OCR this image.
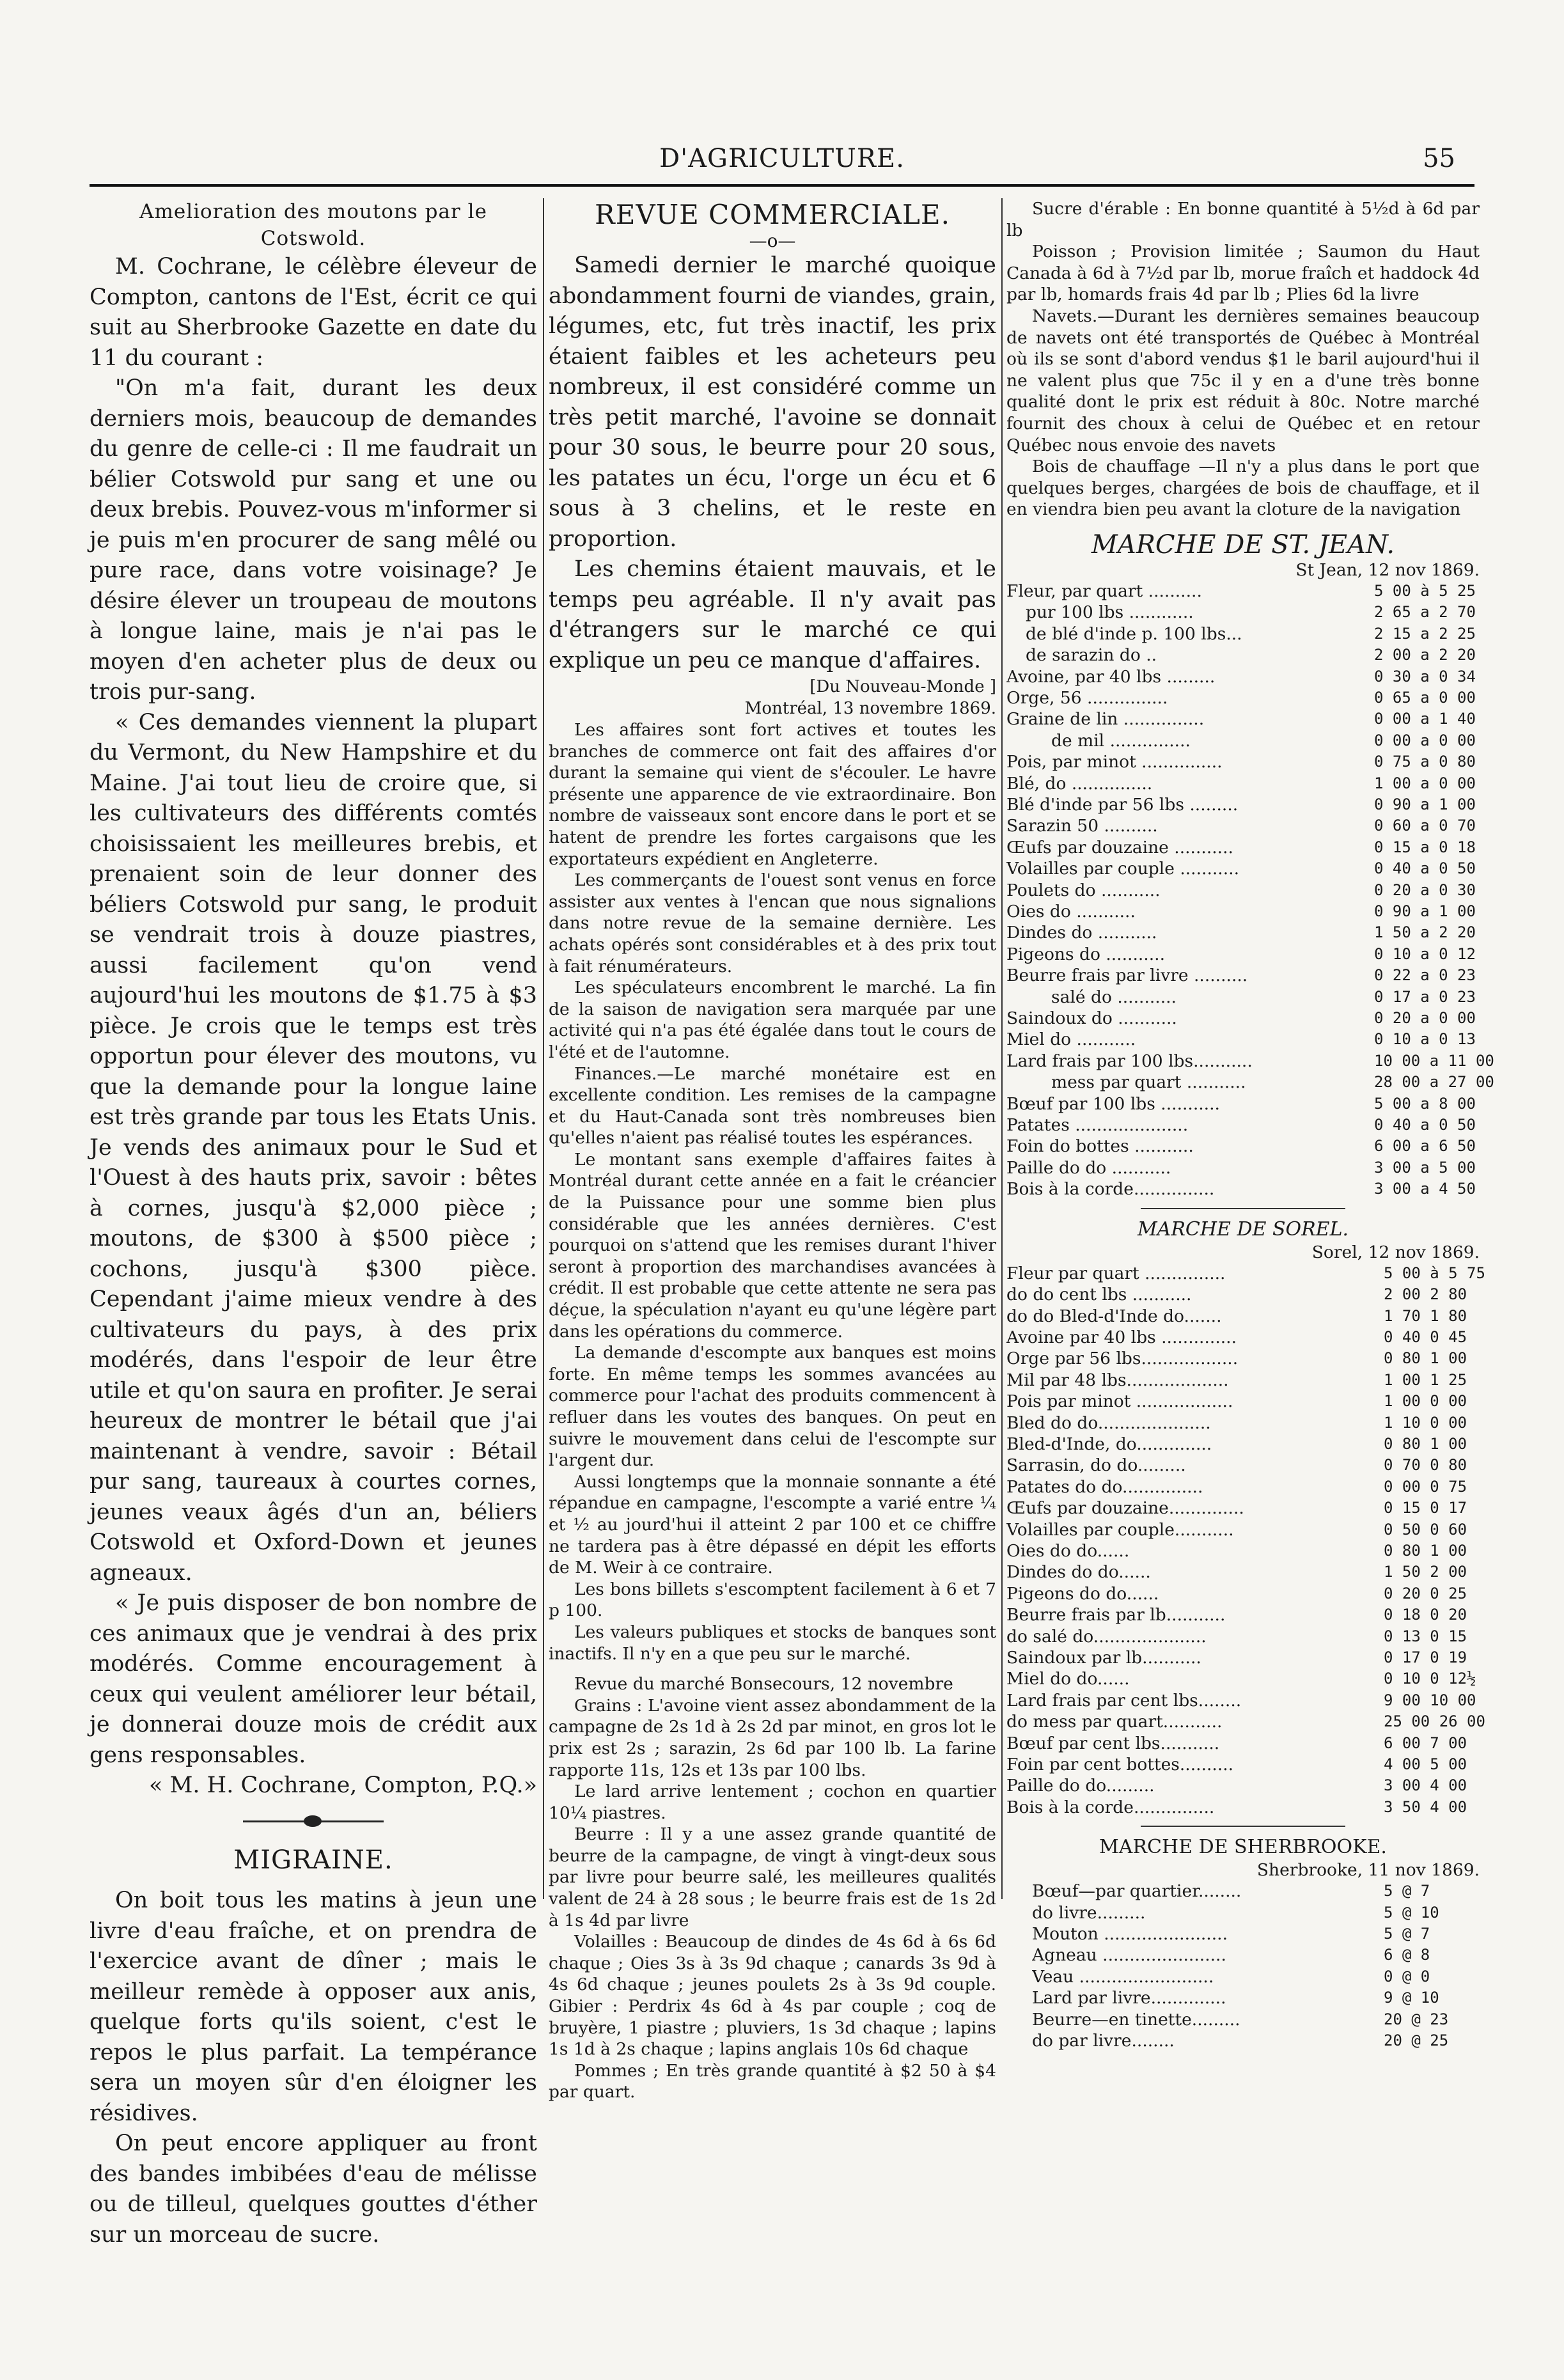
D'AGRICULTURE.	55
Amelioration des moutons par le Cotswold.

M. Cochrane, le célèbre éleveur de Compton, cantons de l'Est, écrit ce qui suit au Sherbrooke Gazette en date du 11 du courant :

"On m'a fait, durant les deux derniers mois, beaucoup de demandes du genre de celle-ci : Il me faudrait un bélier Cotswold pur sang et une ou deux brebis. Pouvez-vous m'informer si je puis m'en procurer de sang mêlé ou pure race, dans votre voisinage? Je désire élever un troupeau de moutons à longue laine, mais je n'ai pas le moyen d'en acheter plus de deux ou trois pur-sang.

« Ces demandes viennent la plupart du Vermont, du New Hampshire et du Maine. J'ai tout lieu de croire que, si les cultivateurs des différents comtés choisissaient les meilleures brebis, et prenaient soin de leur donner des béliers Cotswold pur sang, le produit se vendrait trois à douze piastres, aussi facilement qu'on vend aujourd'hui les moutons de $1.75 à $3 pièce. Je crois que le temps est très opportun pour élever des moutons, vu que la demande pour la longue laine est très grande par tous les Etats Unis. Je vends des animaux pour le Sud et l'Ouest à des hauts prix, savoir : bêtes à cornes, jusqu'à $2,000 pièce ; moutons, de $300 à $500 pièce ; cochons, jusqu'à $300 pièce. Cependant j'aime mieux vendre à des cultivateurs du pays, à des prix modérés, dans l'espoir de leur être utile et qu'on saura en profiter. Je serai heureux de montrer le bétail que j'ai maintenant à vendre, savoir : Bétail pur sang, taureaux à courtes cornes, jeunes veaux âgés d'un an, béliers Cotswold et Oxford-Down et jeunes agneaux.

« Je puis disposer de bon nombre de ces animaux que je vendrai à des prix modérés. Comme encouragement à ceux qui veulent améliorer leur bétail, je donnerai douze mois de crédit aux gens responsables.

« M. H. Cochrane, Compton, P.Q.»
MIGRAINE.

On boit tous les matins à jeun une livre d'eau fraîche, et on prendra de l'exercice avant de dîner ; mais le meilleur remède à opposer aux anis, quelque forts qu'ils soient, c'est le repos le plus parfait. La tempérance sera un moyen sûr d'en éloigner les résidives.

On peut encore appliquer au front des bandes imbibées d'eau de mélisse ou de tilleul, quelques gouttes d'éther sur un morceau de sucre.

REVUE COMMERCIALE.
—o—

Samedi dernier le marché quoique abondamment fourni de viandes, grain, légumes, etc, fut très inactif, les prix étaient faibles et les acheteurs peu nombreux, il est considéré comme un très petit marché, l'avoine se donnait pour 30 sous, le beurre pour 20 sous, les patates un écu, l'orge un écu et 6 sous à 3 chelins, et le reste en proportion.

Les chemins étaient mauvais, et le temps peu agréable. Il n'y avait pas d'étrangers sur le marché ce qui explique un peu ce manque d'affaires.

[Du Nouveau-Monde ]
Montréal, 13 novembre 1869.

Les affaires sont fort actives et toutes les branches de commerce ont fait des affaires d'or durant la semaine qui vient de s'écouler. Le havre présente une apparence de vie extraordinaire. Bon nombre de vaisseaux sont encore dans le port et se hatent de prendre les fortes cargaisons que les exportateurs expédient en Angleterre.

Les commerçants de l'ouest sont venus en force assister aux ventes à l'encan que nous signalions dans notre revue de la semaine dernière. Les achats opérés sont considérables et à des prix tout à fait rénumérateurs.

Les spéculateurs encombrent le marché. La fin de la saison de navigation sera marquée par une activité qui n'a pas été égalée dans tout le cours de l'été et de l'automne.

Finances.—Le marché monétaire est en excellente condition. Les remises de la campagne et du Haut-Canada sont très nombreuses bien qu'elles n'aient pas réalisé toutes les espérances.

Le montant sans exemple d'affaires faites à Montréal durant cette année en a fait le créancier de la Puissance pour une somme bien plus considérable que les années dernières. C'est pourquoi on s'attend que les remises durant l'hiver seront à proportion des marchandises avancées à crédit. Il est probable que cette attente ne sera pas déçue, la spéculation n'ayant eu qu'une légère part dans les opérations du commerce.

La demande d'escompte aux banques est moins forte. En même temps les sommes avancées au commerce pour l'achat des produits commencent à refluer dans les voutes des banques. On peut en suivre le mouvement dans celui de l'escompte sur l'argent dur.

Aussi longtemps que la monnaie sonnante a été répandue en campagne, l'escompte a varié entre ¼ et ½ au jourd'hui il atteint 2 par 100 et ce chiffre ne tardera pas à être dépassé en dépit les efforts de M. Weir à ce contraire.

Les bons billets s'escomptent facilement à 6 et 7 p 100.

Les valeurs publiques et stocks de banques sont inactifs. Il n'y en a que peu sur le marché.

Revue du marché Bonsecours, 12 novembre

Grains : L'avoine vient assez abondamment de la campagne de 2s 1d à 2s 2d par minot, en gros lot le prix est 2s ; sarazin, 2s 6d par 100 lb. La farine rapporte 11s, 12s et 13s par 100 lbs.

Le lard arrive lentement ; cochon en quartier 10¼ piastres.

Beurre : Il y a une assez grande quantité de beurre de la campagne, de vingt à vingt-deux sous par livre pour beurre salé, les meilleures qualités valent de 24 à 28 sous ; le beurre frais est de 1s 2d à 1s 4d par livre

Volailles : Beaucoup de dindes de 4s 6d à 6s 6d chaque ; Oies 3s à 3s 9d chaque ; canards 3s 9d à 4s 6d chaque ; jeunes poulets 2s à 3s 9d couple. Gibier : Perdrix 4s 6d à 4s par couple ; coq de bruyère, 1 piastre ; pluviers, 1s 3d chaque ; lapins 1s 1d à 2s chaque ; lapins anglais 10s 6d chaque

Pommes ; En très grande quantité à $2 50 à $4 par quart.

Sucre d'érable : En bonne quantité à 5½d à 6d par lb

Poisson ; Provision limitée ; Saumon du Haut Canada à 6d à 7½d par lb, morue fraîch et haddock 4d par lb, homards frais 4d par lb ; Plies 6d la livre

Navets.—Durant les dernières semaines beaucoup de navets ont été transportés de Québec à Montréal où ils se sont d'abord vendus $1 le baril aujourd'hui il ne valent plus que 75c il y en a d'une très bonne qualité dont le prix est réduit à 80c. Notre marché fournit des choux à celui de Québec et en retour Québec nous envoie des navets

Bois de chauffage —Il n'y a plus dans le port que quelques berges, chargées de bois de chauffage, et il en viendra bien peu avant la cloture de la navigation

MARCHE DE ST. JEAN.
St Jean, 12 nov 1869.
Fleur, par quart ..........	5 00 à 5 25
pur 100 lbs ............	2 65 a 2 70
de blé d'inde p. 100 lbs...	2 15 a 2 25
de sarazin do ..	2 00 a 2 20
Avoine, par 40 lbs .........	0 30 a 0 34
Orge, 56 ...............	0 65 a 0 00
Graine de lin ...............	0 00 a 1 40
de mil ...............	0 00 a 0 00
Pois, par minot ...............	0 75 a 0 80
Blé, do ...............	1 00 a 0 00
Blé d'inde par 56 lbs .........	0 90 a 1 00
Sarazin 50 ..........	0 60 a 0 70
Œufs par douzaine ...........	0 15 a 0 18
Volailles par couple ...........	0 40 a 0 50
Poulets do ...........	0 20 a 0 30
Oies do ...........	0 90 a 1 00
Dindes do ...........	1 50 a 2 20
Pigeons do ...........	0 10 a 0 12
Beurre frais par livre ..........	0 22 a 0 23
salé do ...........	0 17 a 0 23
Saindoux do ...........	0 20 a 0 00
Miel do ...........	0 10 a 0 13
Lard frais par 100 lbs...........	10 00 a 11 00
mess par quart ...........	28 00 a 27 00
Bœuf par 100 lbs ...........	5 00 a 8 00
Patates .....................	0 40 a 0 50
Foin do bottes ...........	6 00 a 6 50
Paille do do ...........	3 00 a 5 00
Bois à la corde...............	3 00 a 4 50
MARCHE DE SOREL.
Sorel, 12 nov 1869.
Fleur par quart ...............	5 00 à 5 75
do do cent lbs ...........	2 00 2 80
do do Bled-d'Inde do.......	1 70 1 80
Avoine par 40 lbs ..............	0 40 0 45
Orge par 56 lbs..................	0 80 1 00
Mil par 48 lbs...................	1 00 1 25
Pois par minot ..................	1 00 0 00
Bled do do.....................	1 10 0 00
Bled-d'Inde, do..............	0 80 1 00
Sarrasin, do do.........	0 70 0 80
Patates do do...............	0 00 0 75
Œufs par douzaine..............	0 15 0 17
Volailles par couple...........	0 50 0 60
Oies do do......	0 80 1 00
Dindes do do......	1 50 2 00
Pigeons do do......	0 20 0 25
Beurre frais par lb...........	0 18 0 20
do salé do.....................	0 13 0 15
Saindoux par lb...........	0 17 0 19
Miel do do......	0 10 0 12½
Lard frais par cent lbs........	9 00 10 00
do mess par quart...........	25 00 26 00
Bœuf par cent lbs...........	6 00 7 00
Foin par cent bottes..........	4 00 5 00
Paille do do.........	3 00 4 00
Bois à la corde...............	3 50 4 00
MARCHE DE SHERBROOKE.
Sherbrooke, 11 nov 1869.
Bœuf—par quartier........	5 @ 7
do livre.........	5 @ 10
Mouton .......................	5 @ 7
Agneau .......................	6 @ 8
Veau .........................	0 @ 0
Lard par livre..............	9 @ 10
Beurre—en tinette.........	20 @ 23
do par livre........	20 @ 25
